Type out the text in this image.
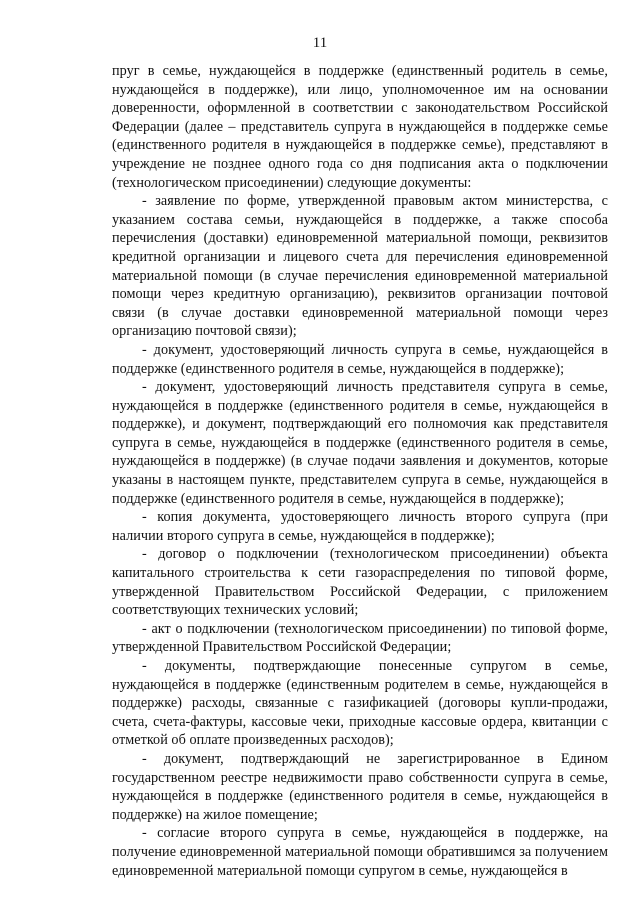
11

пруг в семье, нуждающейся в поддержке (единственный родитель в семье, нуждающейся в поддержке), или лицо, уполномоченное им на основании доверенности, оформленной в соответствии с законодательством Российской Федерации (далее – представитель супруга в нуждающейся в поддержке семье (единственного родителя в нуждающейся в поддержке семье), представляют в учреждение не позднее одного года со дня подписания акта о подключении (технологическом присоединении) следующие документы:

- заявление по форме, утвержденной правовым актом министерства, с указанием состава семьи, нуждающейся в поддержке, а также способа перечисления (доставки) единовременной материальной помощи, реквизитов кредитной организации и лицевого счета для перечисления единовременной материальной помощи (в случае перечисления единовременной материальной помощи через кредитную организацию), реквизитов организации почтовой связи (в случае доставки единовременной материальной помощи через организацию почтовой связи);

- документ, удостоверяющий личность супруга в семье, нуждающейся в поддержке (единственного родителя в семье, нуждающейся в поддержке);

- документ, удостоверяющий личность представителя супруга в семье, нуждающейся в поддержке (единственного родителя в семье, нуждающейся в поддержке), и документ, подтверждающий его полномочия как представителя супруга в семье, нуждающейся в поддержке (единственного родителя в семье, нуждающейся в поддержке) (в случае подачи заявления и документов, которые указаны в настоящем пункте, представителем супруга в семье, нуждающейся в поддержке (единственного родителя в семье, нуждающейся в поддержке);

- копия документа, удостоверяющего личность второго супруга (при наличии второго супруга в семье, нуждающейся в поддержке);

- договор о подключении (технологическом присоединении) объекта капитального строительства к сети газораспределения по типовой форме, утвержденной Правительством Российской Федерации, с приложением соответствующих технических условий;

- акт о подключении (технологическом присоединении) по типовой форме, утвержденной Правительством Российской Федерации;

- документы, подтверждающие понесенные супругом в семье, нуждающейся в поддержке (единственным родителем в семье, нуждающейся в поддержке) расходы, связанные с газификацией (договоры купли-продажи, счета, счета-фактуры, кассовые чеки, приходные кассовые ордера, квитанции с отметкой об оплате произведенных расходов);

- документ, подтверждающий не зарегистрированное в Едином государственном реестре недвижимости право собственности супруга в семье, нуждающейся в поддержке (единственного родителя в семье, нуждающейся в поддержке) на жилое помещение;

- согласие второго супруга в семье, нуждающейся в поддержке, на получение единовременной материальной помощи обратившимся за получением единовременной материальной помощи супругом в семье, нуждающейся в
